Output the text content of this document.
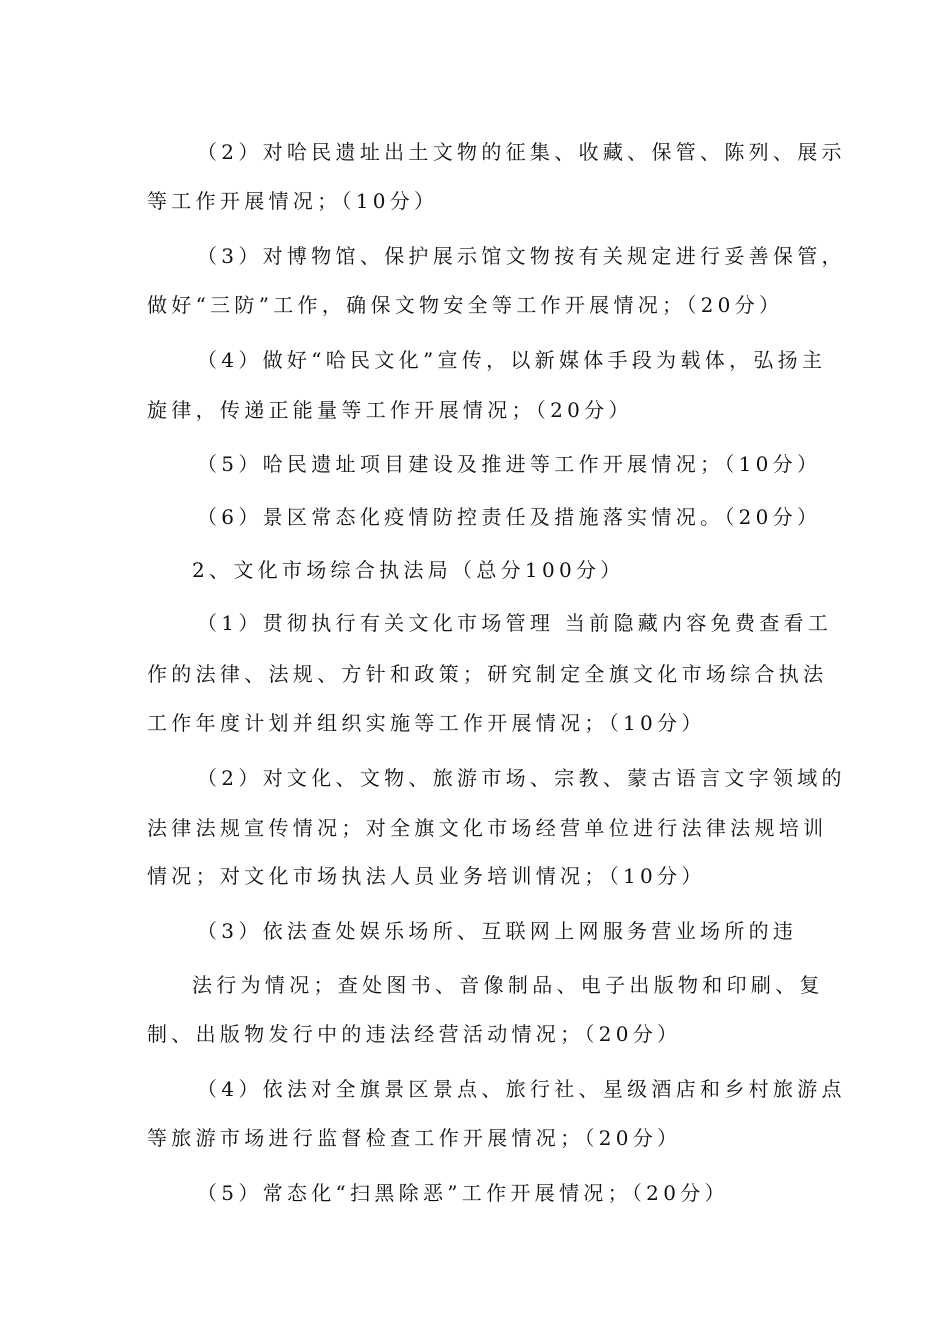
（2）对哈民遗址出土文物的征集、收藏、保管、陈列、展示
等工作开展情况；（10分）
（3）对博物馆、保护展示馆文物按有关规定进行妥善保管，
做好“三防”工作，确保文物安全等工作开展情况；（20分）
（4）做好“哈民文化”宣传，以新媒体手段为载体，弘扬主
旋律，传递正能量等工作开展情况；（20分）
（5）哈民遗址项目建设及推进等工作开展情况；（10分）
（6）景区常态化疫情防控责任及措施落实情况。（20分）
2、文化市场综合执法局（总分100分）
（1）贯彻执行有关文化市场管理 当前隐藏内容免费查看工
作的法律、法规、方针和政策；研究制定全旗文化市场综合执法
工作年度计划并组织实施等工作开展情况；（10分）
（2）对文化、文物、旅游市场、宗教、蒙古语言文字领域的
法律法规宣传情况；对全旗文化市场经营单位进行法律法规培训
情况；对文化市场执法人员业务培训情况；（10分）
（3）依法查处娱乐场所、互联网上网服务营业场所的违
法行为情况；查处图书、音像制品、电子出版物和印刷、复
制、出版物发行中的违法经营活动情况；（20分）
（4）依法对全旗景区景点、旅行社、星级酒店和乡村旅游点
等旅游市场进行监督检查工作开展情况；（20分）
（5）常态化“扫黑除恶”工作开展情况；（20分）
